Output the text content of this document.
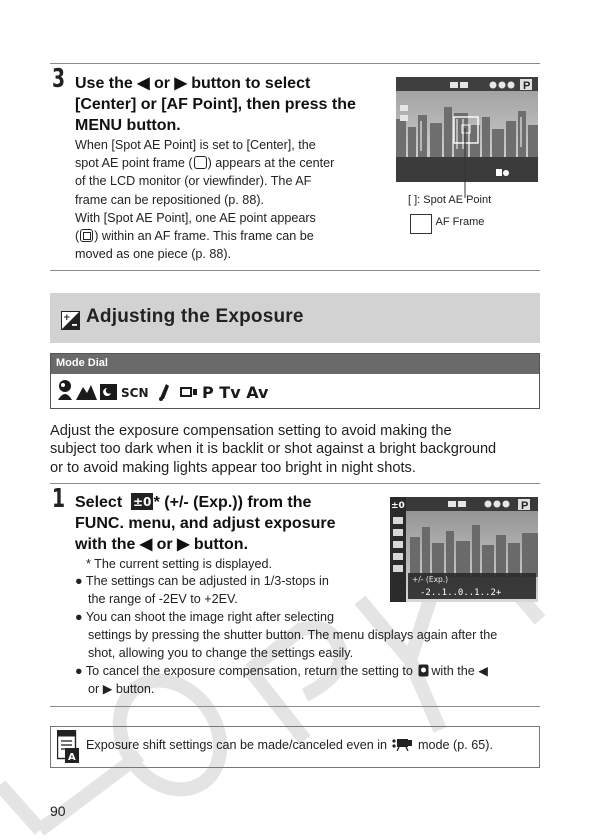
3 Use the ◀ or ▶ button to select
[Center] or [AF Point], then press the
MENU button.
When [Spot AE Point] is set to [Center], the
spot AE point frame ( ) appears at the center
of the LCD monitor (or viewfinder). The AF
frame can be repositioned (p. 88).
With [Spot AE Point], one AE point appears
( ) within an AF frame. This frame can be
moved as one piece (p. 88).
P
[ ]: Spot AE Point
: AF Frame
+ Adjusting the Exposure
Mode Dial
SCN	P Tv Av
Adjust the exposure compensation setting to avoid making the
subject too dark when it is backlit or shot against a bright background
or to avoid making lights appear too bright in night shots.
1 Select ±0 * (+/- (Exp.)) from the
FUNC. menu, and adjust exposure
with the ◀ or ▶ button.
* The current setting is displayed.
● The settings can be adjusted in 1/3-stops in
the range of -2EV to +2EV.
● You can shoot the image right after selecting
settings by pressing the shutter button. The menu displays again after the
shot, allowing you to change the settings easily.
● To cancel the exposure compensation, return the setting to with the ◀
or ▶ button.
±0	P
+/- (Exp.)
-2..1..0..1..2+
A
Exposure shift settings can be made/canceled even in mode (p. 65).
90
